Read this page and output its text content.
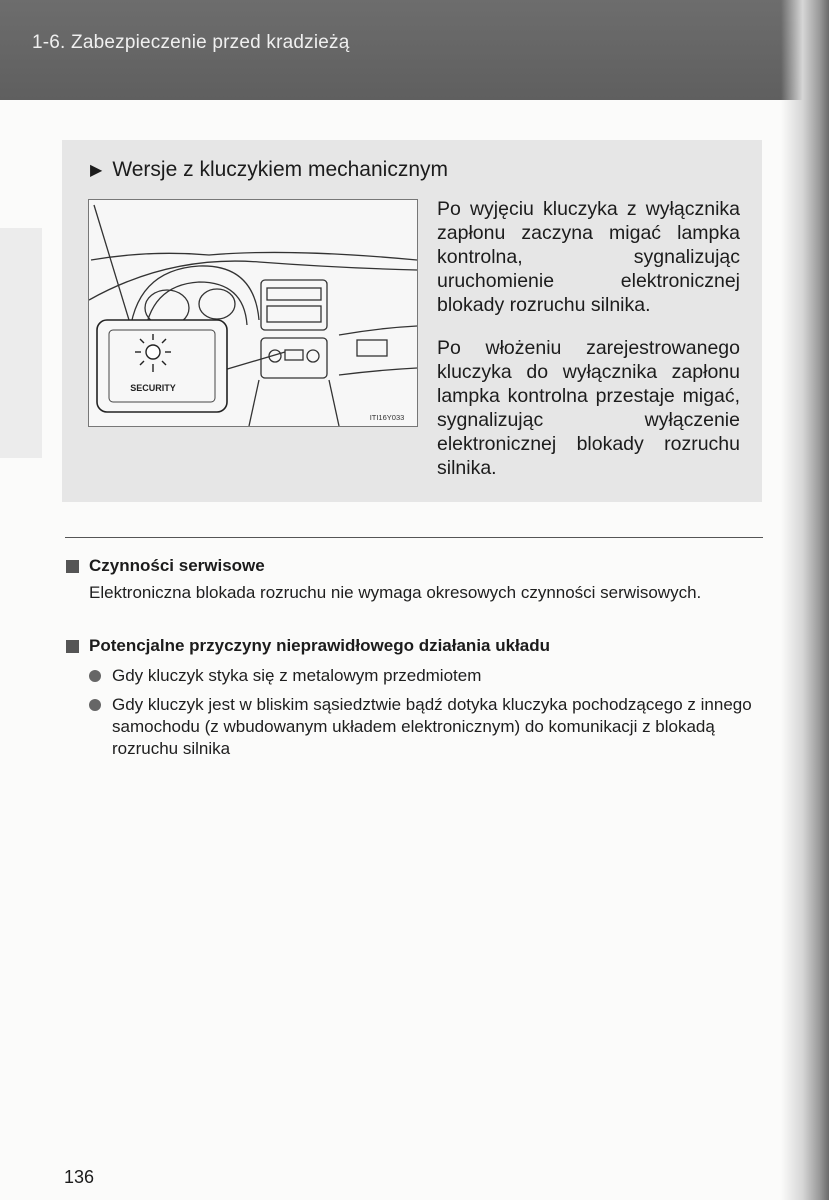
1-6. Zabezpieczenie przed kradzieżą
▶ Wersje z kluczykiem mechanicznym
SECURITY
ITI16Y033
Po wyjęciu kluczyka z wyłącznika zapłonu zaczyna migać lampka kontrolna, sygnalizując uruchomienie elektronicznej blokady rozruchu silnika.
Po włożeniu zarejestrowanego kluczyka do wyłącznika zapłonu lampka kontrolna przestaje migać, sygnalizując wyłączenie elektronicznej blokady rozruchu silnika.
Czynności serwisowe
Elektroniczna blokada rozruchu nie wymaga okresowych czynności serwisowych.
Potencjalne przyczyny nieprawidłowego działania układu
Gdy kluczyk styka się z metalowym przedmiotem
Gdy kluczyk jest w bliskim sąsiedztwie bądź dotyka kluczyka pochodzącego z innego samochodu (z wbudowanym układem elektronicznym) do komunikacji z blokadą rozruchu silnika
136
